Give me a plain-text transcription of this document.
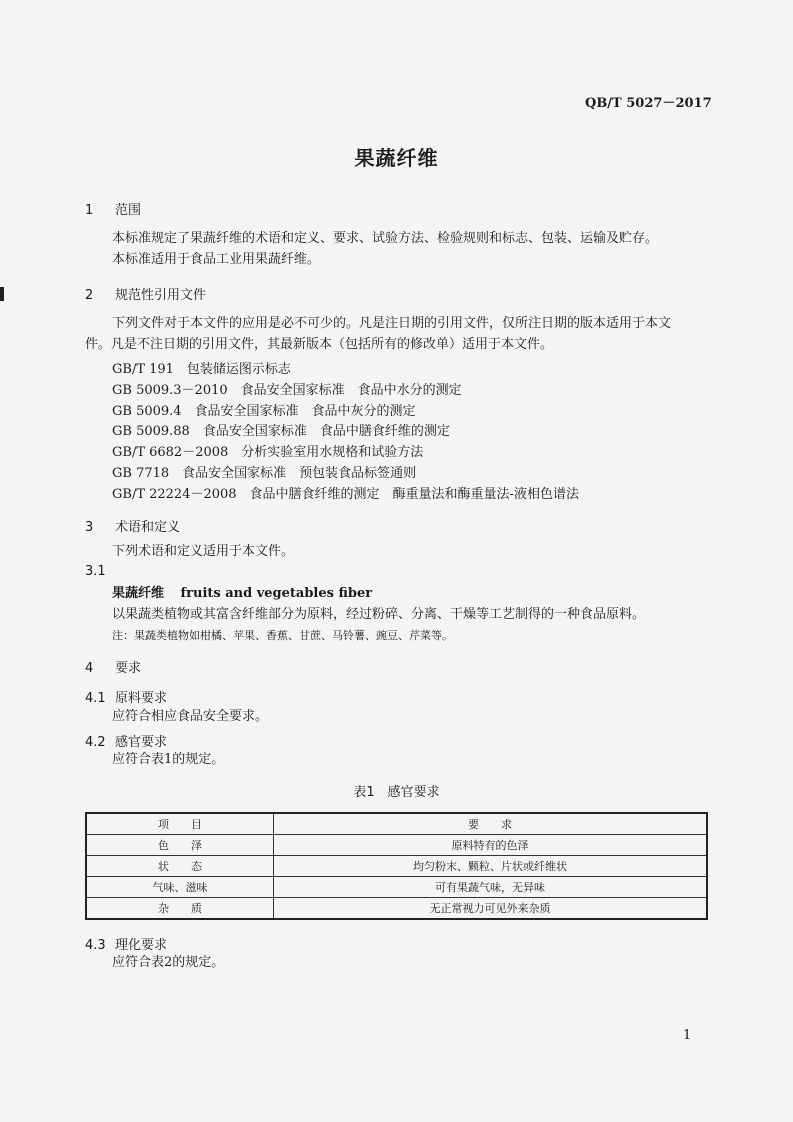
QB/T 5027－2017
果蔬纤维
1 范围
本标准规定了果蔬纤维的术语和定义、要求、试验方法、检验规则和标志、包装、运输及贮存。
本标准适用于食品工业用果蔬纤维。
2 规范性引用文件
下列文件对于本文件的应用是必不可少的。凡是注日期的引用文件，仅所注日期的版本适用于本文
件。凡是不注日期的引用文件，其最新版本（包括所有的修改单）适用于本文件。
GB/T 191　包装储运图示标志
GB 5009.3－2010　食品安全国家标准　食品中水分的测定
GB 5009.4　食品安全国家标准　食品中灰分的测定
GB 5009.88　食品安全国家标准　食品中膳食纤维的测定
GB/T 6682－2008　分析实验室用水规格和试验方法
GB 7718　食品安全国家标准　预包装食品标签通则
GB/T 22224－2008　食品中膳食纤维的测定　酶重量法和酶重量法-液相色谱法
3 术语和定义
下列术语和定义适用于本文件。
3.1
果蔬纤维 fruits and vegetables fiber
以果蔬类植物或其富含纤维部分为原料，经过粉碎、分离、干燥等工艺制得的一种食品原料。
注：果蔬类植物如柑橘、苹果、香蕉、甘蔗、马铃薯、豌豆、芹菜等。
4 要求
4.1 原料要求
应符合相应食品安全要求。
4.2 感官要求
应符合表1的规定。
表1　感官要求
项　　目	要　　求
色　　泽	原料特有的色泽
状　　态	均匀粉末、颗粒、片状或纤维状
气味、滋味	可有果蔬气味，无异味
杂　　质	无正常视力可见外来杂质
4.3 理化要求
应符合表2的规定。
1
